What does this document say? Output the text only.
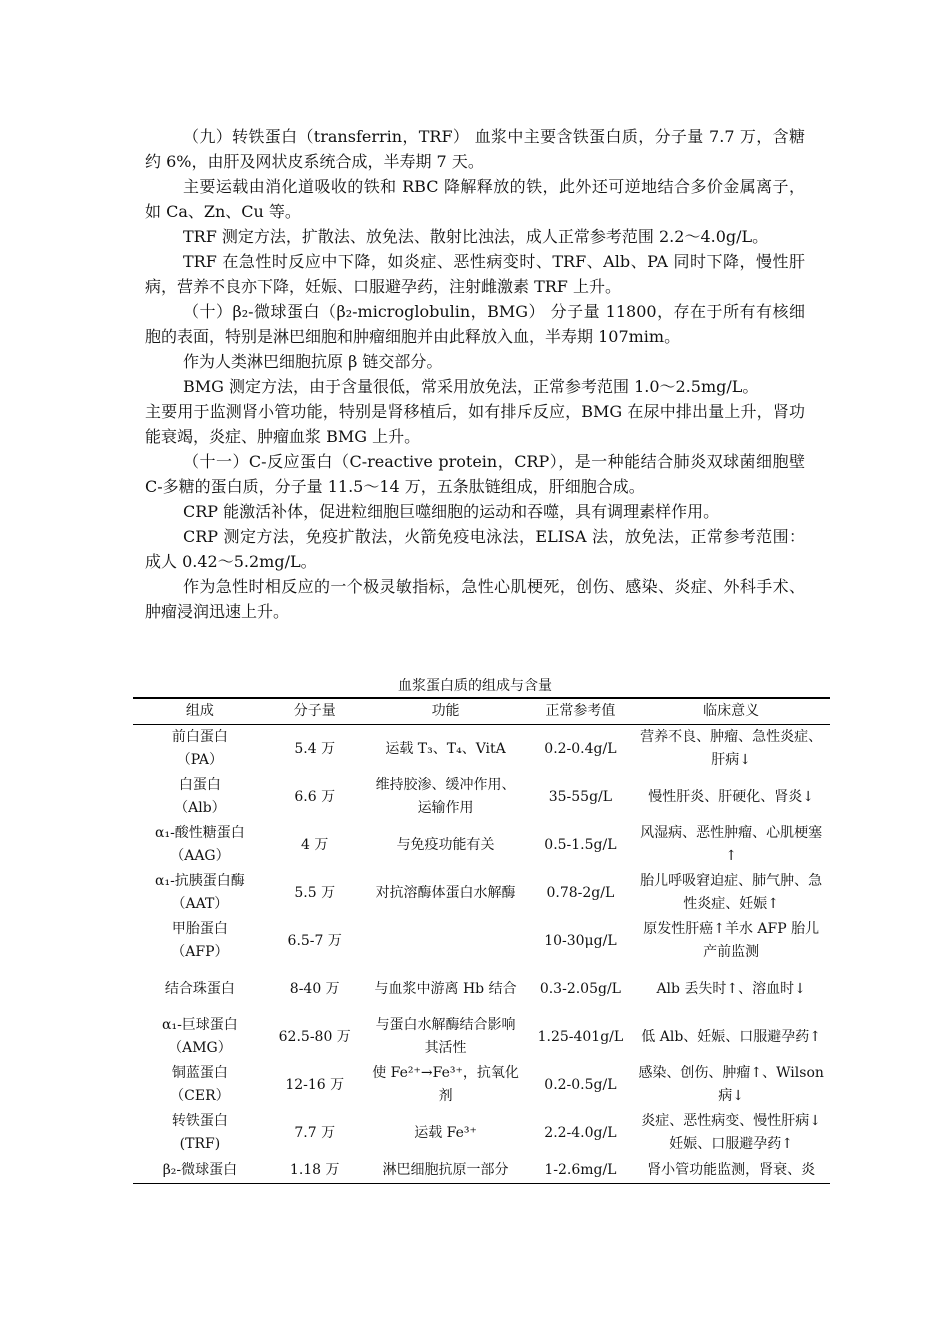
（九）转铁蛋白（transferrin，TRF） 血浆中主要含铁蛋白质，分子量 7.7 万，含糖约 6%，由肝及网状皮系统合成，半寿期 7 天。

主要运载由消化道吸收的铁和 RBC 降解释放的铁，此外还可逆地结合多价金属离子，如 Ca、Zn、Cu 等。

TRF 测定方法，扩散法、放免法、散射比浊法，成人正常参考范围 2.2～4.0g/L。

TRF 在急性时反应中下降，如炎症、恶性病变时、TRF、Alb、PA 同时下降，慢性肝病，营养不良亦下降，妊娠、口服避孕药，注射雌激素 TRF 上升。

（十）β₂-微球蛋白（β₂-microglobulin，BMG） 分子量 11800，存在于所有有核细胞的表面，特别是淋巴细胞和肿瘤细胞并由此释放入血，半寿期 107mim。

作为人类淋巴细胞抗原 β 链交部分。

BMG 测定方法，由于含量很低，常采用放免法，正常参考范围 1.0～2.5mg/L。

主要用于监测肾小管功能，特别是肾移植后，如有排斥反应，BMG 在尿中排出量上升，肾功能衰竭，炎症、肿瘤血浆 BMG 上升。

（十一）C-反应蛋白（C-reactive protein，CRP），是一种能结合肺炎双球菌细胞壁 C-多糖的蛋白质，分子量 11.5～14 万，五条肽链组成，肝细胞合成。

CRP 能激活补体，促进粒细胞巨噬细胞的运动和吞噬，具有调理素样作用。

CRP 测定方法，免疫扩散法，火箭免疫电泳法，ELISA 法，放免法，正常参考范围：成人 0.42～5.2mg/L。

作为急性时相反应的一个极灵敏指标，急性心肌梗死，创伤、感染、炎症、外科手术、肿瘤浸润迅速上升。

血浆蛋白质的组成与含量
组成	分子量	功能	正常参考值	临床意义
前白蛋白
（PA）	5.4 万	运载 T₃、T₄、VitA	0.2-0.4g/L	营养不良、肿瘤、急性炎症、肝病↓
白蛋白
（Alb）	6.6 万	维持胶渗、缓冲作用、运输作用	35-55g/L	慢性肝炎、肝硬化、肾炎↓
α₁-酸性糖蛋白
（AAG）	4 万	与免疫功能有关	0.5-1.5g/L	风湿病、恶性肿瘤、心肌梗塞↑
α₁-抗胰蛋白酶
（AAT）	5.5 万	对抗溶酶体蛋白水解酶	0.78-2g/L	胎儿呼吸窘迫症、肺气肿、急性炎症、妊娠↑
甲胎蛋白
（AFP）	6.5-7 万		10-30μg/L	原发性肝癌↑羊水 AFP 胎儿产前监测
结合珠蛋白	8-40 万	与血浆中游离 Hb 结合	0.3-2.05g/L	Alb 丢失时↑、溶血时↓
α₁-巨球蛋白
（AMG）	62.5-80 万	与蛋白水解酶结合影响其活性	1.25-401g/L	低 Alb、妊娠、口服避孕药↑
铜蓝蛋白
（CER）	12-16 万	使 Fe²⁺→Fe³⁺，抗氧化剂	0.2-0.5g/L	感染、创伤、肿瘤↑、Wilson 病↓
转铁蛋白
(TRF)	7.7 万	运载 Fe³⁺	2.2-4.0g/L	炎症、恶性病变、慢性肝病↓妊娠、口服避孕药↑
β₂-微球蛋白	1.18 万	淋巴细胞抗原一部分	1-2.6mg/L	肾小管功能监测，肾衰、炎
